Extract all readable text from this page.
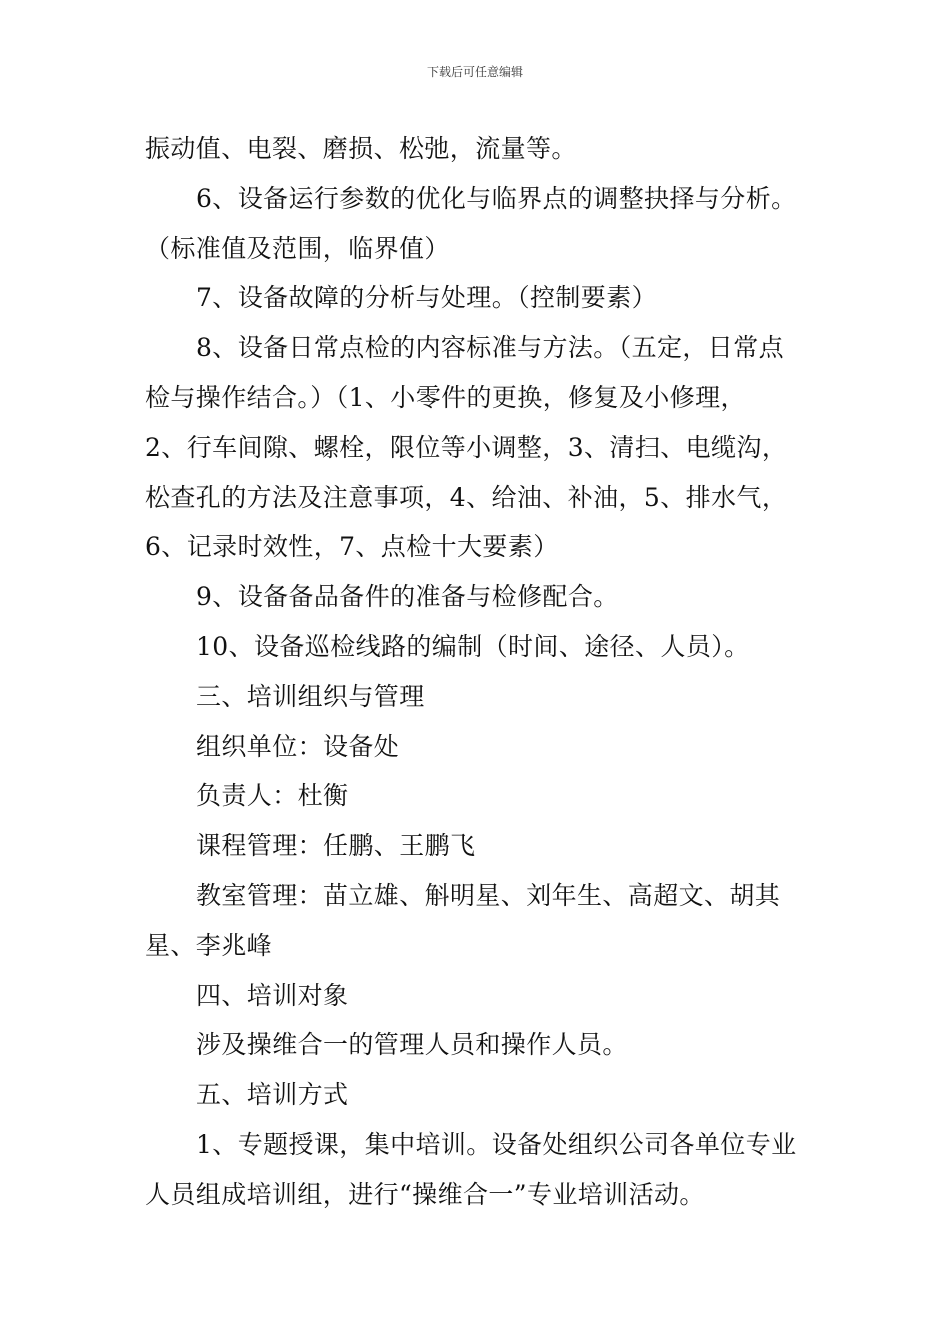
下载后可任意编辑

振动值、电裂、磨损、松弛，流量等。

6、设备运行参数的优化与临界点的调整抉择与分析。
（标准值及范围，临界值）

7、设备故障的分析与处理。（控制要素）

8、设备日常点检的内容标准与方法。（五定，日常点
检与操作结合。）（1、小零件的更换，修复及小修理，
2、行车间隙、螺栓，限位等小调整，3、清扫、电缆沟，
松查孔的方法及注意事项，4、给油、补油，5、排水气，
6、记录时效性，7、点检十大要素）

9、设备备品备件的准备与检修配合。

10、设备巡检线路的编制（时间、途径、人员）。

三、培训组织与管理

组织单位：设备处

负责人：杜衡

课程管理：任鹏、王鹏飞

教室管理：苗立雄、斛明星、刘年生、高超文、胡其
星、李兆峰

四、培训对象

涉及操维合一的管理人员和操作人员。

五、培训方式

1、专题授课，集中培训。设备处组织公司各单位专业
人员组成培训组，进行“操维合一”专业培训活动。
